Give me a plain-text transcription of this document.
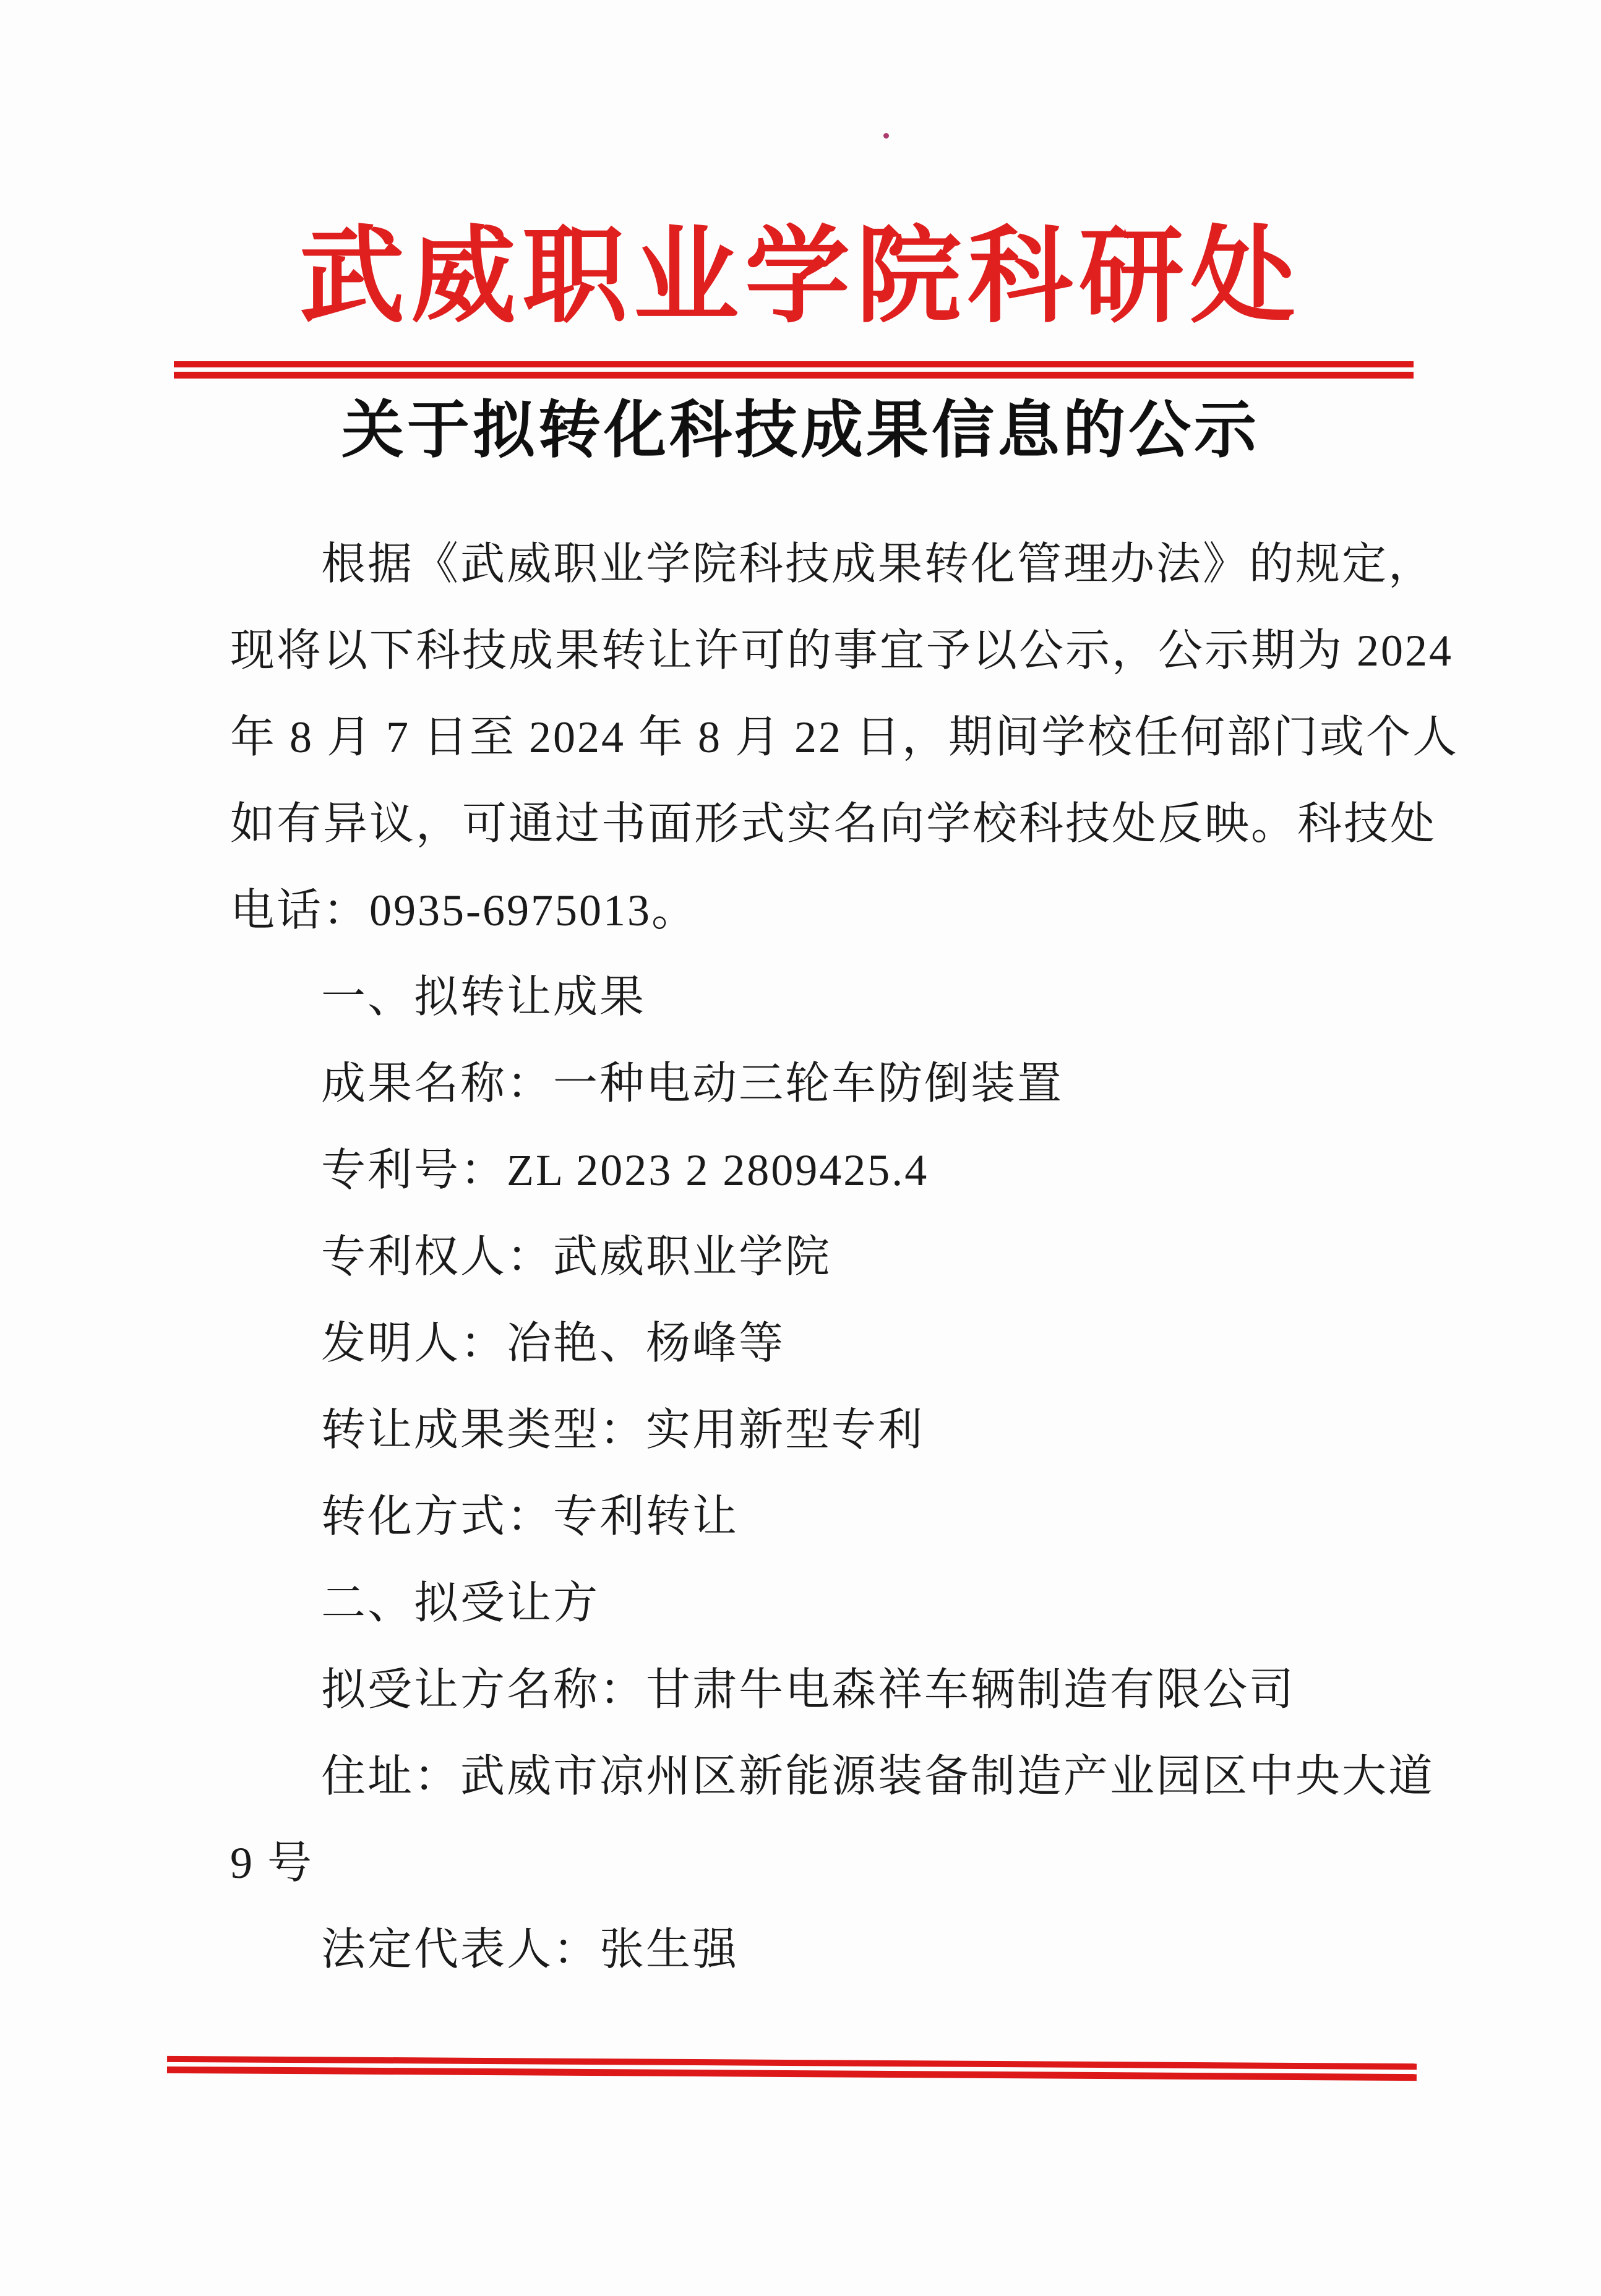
武威职业学院科研处
关于拟转化科技成果信息的公示
根据《武威职业学院科技成果转化管理办法》的规定，
现将以下科技成果转让许可的事宜予以公示，公示期为 2024
年 8 月 7 日至 2024 年 8 月 22 日，期间学校任何部门或个人
如有异议，可通过书面形式实名向学校科技处反映。科技处
电话：0935-6975013。
一、拟转让成果
成果名称：一种电动三轮车防倒装置
专利号：ZL 2023 2 2809425.4
专利权人：武威职业学院
发明人：冶艳、杨峰等
转让成果类型：实用新型专利
转化方式：专利转让
二、拟受让方
拟受让方名称：甘肃牛电森祥车辆制造有限公司
住址：武威市凉州区新能源装备制造产业园区中央大道
9 号
法定代表人：张生强
